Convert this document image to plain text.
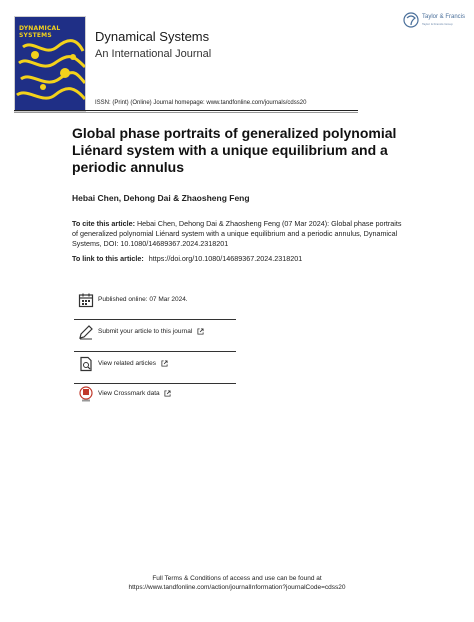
DYNAMICAL SYSTEMS	Dynamical Systems
An International Journal
Taylor & Francis
Taylor & Francis Group
ISSN: (Print) (Online) Journal homepage: www.tandfonline.com/journals/cdss20
Global phase portraits of generalized polynomial Liénard system with a unique equilibrium and a periodic annulus
Hebai Chen, Dehong Dai & Zhaosheng Feng
To cite this article: Hebai Chen, Dehong Dai & Zhaosheng Feng (07 Mar 2024): Global phase portraits of generalized polynomial Liénard system with a unique equilibrium and a periodic annulus, Dynamical Systems, DOI: 10.1080/14689367.2024.2318201
To link to this article: https://doi.org/10.1080/14689367.2024.2318201
Published online: 07 Mar 2024.
Submit your article to this journal
View related articles
View Crossmark data
Full Terms & Conditions of access and use can be found at
https://www.tandfonline.com/action/journalInformation?journalCode=cdss20
